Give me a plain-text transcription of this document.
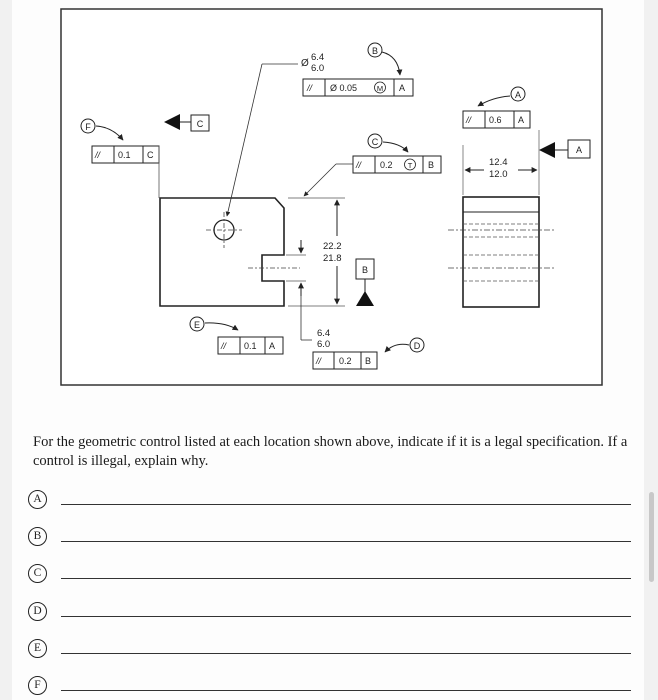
6.4
6.0
Ø
// Ø 0.05	M A
B
// 0.1 C
F	C
C
// 0.2 T B
22.2
21.8
B
6.4
6.0
E
// 0.1 A
// 0.2 B
D
12.4
12.0
A
// 0.6 A
A
For the geometric control listed at each location shown above, indicate if it is a legal specification. If a control is illegal, explain why.
A
B
C
D
E
F
